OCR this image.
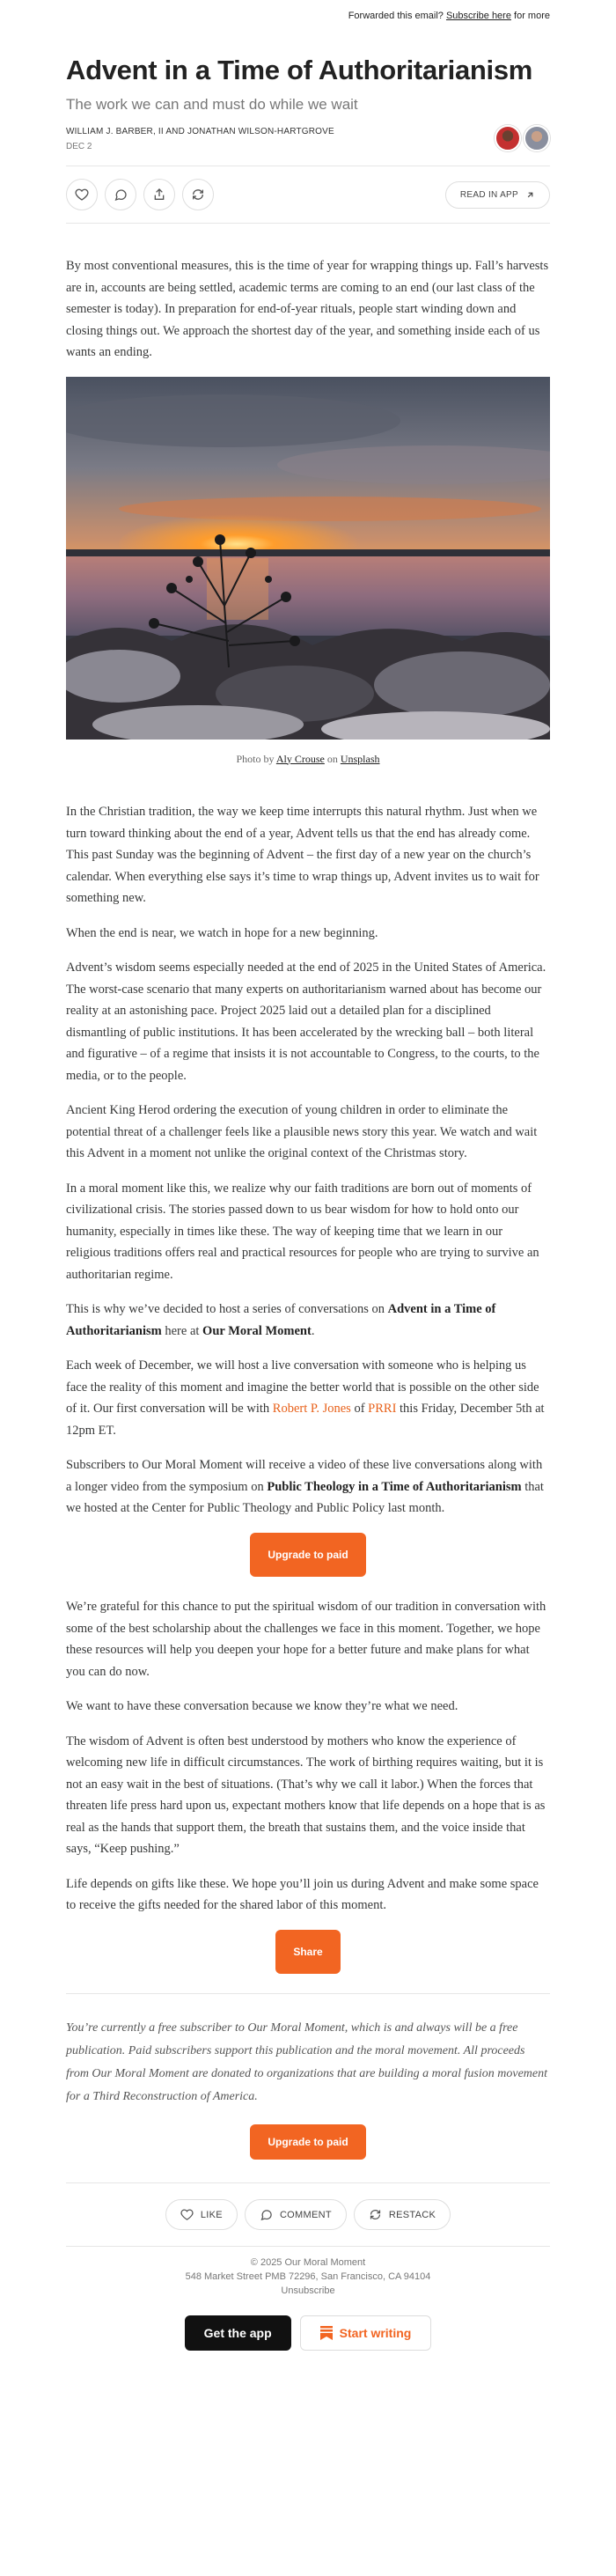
Forwarded this email? Subscribe here for more
Advent in a Time of Authoritarianism
The work we can and must do while we wait
WILLIAM J. BARBER, II AND JONATHAN WILSON-HARTGROVE
DEC 2
READ IN APP

By most conventional measures, this is the time of year for wrapping things up. Fall’s harvests are in, accounts are being settled, academic terms are coming to an end (our last class of the semester is today). In preparation for end-of-year rituals, people start winding down and closing things out. We approach the shortest day of the year, and something inside each of us wants an ending.

Photo by Aly Crouse on Unsplash

In the Christian tradition, the way we keep time interrupts this natural rhythm. Just when we turn toward thinking about the end of a year, Advent tells us that the end has already come. This past Sunday was the beginning of Advent – the first day of a new year on the church’s calendar. When everything else says it’s time to wrap things up, Advent invites us to wait for something new.

When the end is near, we watch in hope for a new beginning.

Advent’s wisdom seems especially needed at the end of 2025 in the United States of America. The worst-case scenario that many experts on authoritarianism warned about has become our reality at an astonishing pace. Project 2025 laid out a detailed plan for a disciplined dismantling of public institutions. It has been accelerated by the wrecking ball – both literal and figurative – of a regime that insists it is not accountable to Congress, to the courts, to the media, or to the people.

Ancient King Herod ordering the execution of young children in order to eliminate the potential threat of a challenger feels like a plausible news story this year. We watch and wait this Advent in a moment not unlike the original context of the Christmas story.

In a moral moment like this, we realize why our faith traditions are born out of moments of civilizational crisis. The stories passed down to us bear wisdom for how to hold onto our humanity, especially in times like these. The way of keeping time that we learn in our religious traditions offers real and practical resources for people who are trying to survive an authoritarian regime.

This is why we’ve decided to host a series of conversations on Advent in a Time of Authoritarianism here at Our Moral Moment.

Each week of December, we will host a live conversation with someone who is helping us face the reality of this moment and imagine the better world that is possible on the other side of it. Our first conversation will be with Robert P. Jones of PRRI this Friday, December 5th at 12pm ET.

Subscribers to Our Moral Moment will receive a video of these live conversations along with a longer video from the symposium on Public Theology in a Time of Authoritarianism that we hosted at the Center for Public Theology and Public Policy last month.

Upgrade to paid

We’re grateful for this chance to put the spiritual wisdom of our tradition in conversation with some of the best scholarship about the challenges we face in this moment. Together, we hope these resources will help you deepen your hope for a better future and make plans for what you can do now.

We want to have these conversation because we know they’re what we need.

The wisdom of Advent is often best understood by mothers who know the experience of welcoming new life in difficult circumstances. The work of birthing requires waiting, but it is not an easy wait in the best of situations. (That’s why we call it labor.) When the forces that threaten life press hard upon us, expectant mothers know that life depends on a hope that is as real as the hands that support them, the breath that sustains them, and the voice inside that says, “Keep pushing.”

Life depends on gifts like these. We hope you’ll join us during Advent and make some space to receive the gifts needed for the shared labor of this moment.

Share
You’re currently a free subscriber to Our Moral Moment, which is and always will be a free publication. Paid subscribers support this publication and the moral movement. All proceeds from Our Moral Moment are donated to organizations that are building a moral fusion movement for a Third Reconstruction of America.
Upgrade to paid
LIKE	COMMENT	RESTACK
© 2025 Our Moral Moment
548 Market Street PMB 72296, San Francisco, CA 94104
Unsubscribe
Get the app	Start writing
